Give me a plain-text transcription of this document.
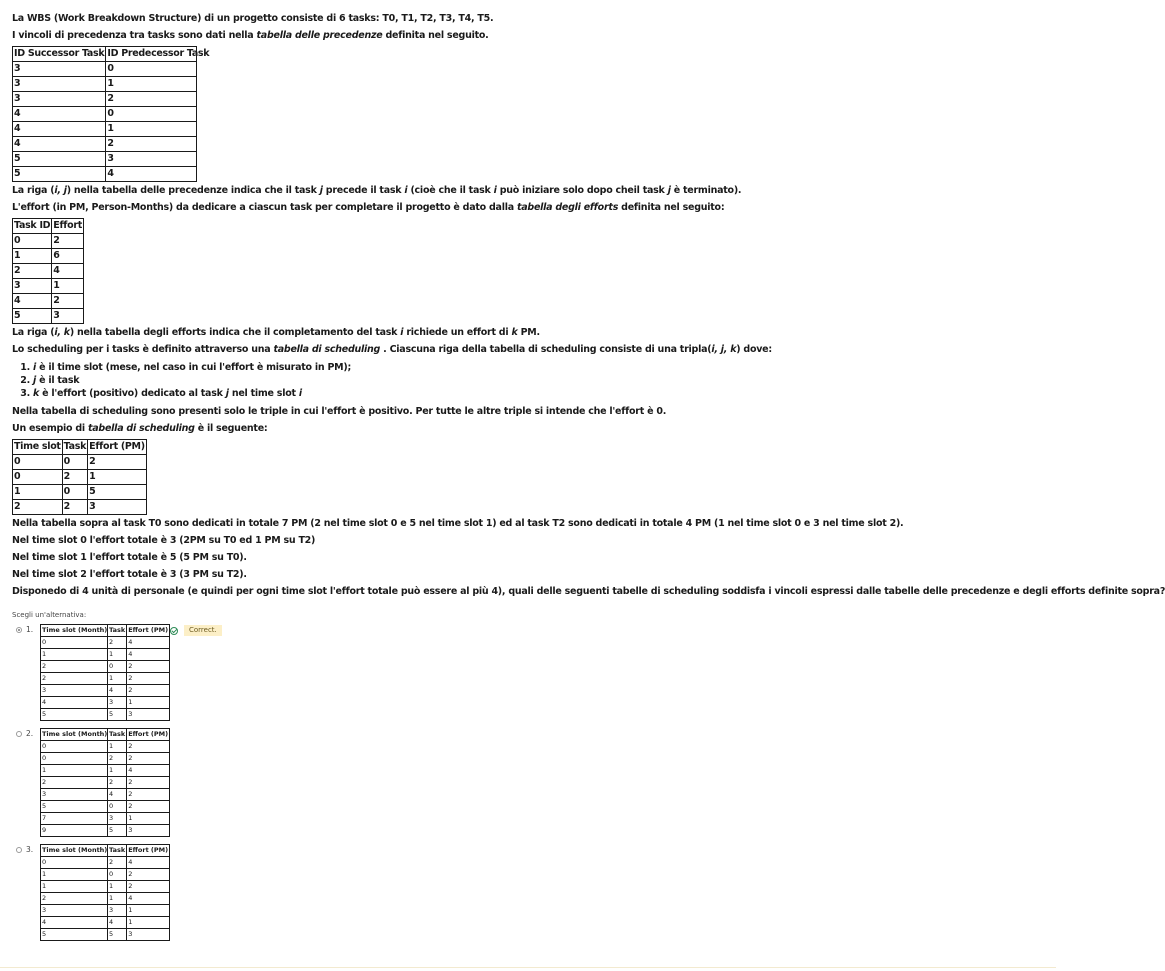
La WBS (Work Breakdown Structure) di un progetto consiste di 6 tasks: T0, T1, T2, T3, T4, T5.

I vincoli di precedenza tra tasks sono dati nella tabella delle precedenze definita nel seguito.

ID Successor Task	ID Predecessor Task
3	0
3	1
3	2
4	0
4	1
4	2
5	3
5	4

La riga (i, j) nella tabella delle precedenze indica che il task j precede il task i (cioè che il task i può iniziare solo dopo cheil task j è terminato).

L'effort (in PM, Person-Months) da dedicare a ciascun task per completare il progetto è dato dalla tabella degli efforts definita nel seguito:

Task ID	Effort
0	2
1	6
2	4
3	1
4	2
5	3

La riga (i, k) nella tabella degli efforts indica che il completamento del task i richiede un effort di k PM.

Lo scheduling per i tasks è definito attraverso una tabella di scheduling . Ciascuna riga della tabella di scheduling consiste di una tripla(i, j, k) dove:

1. i è il time slot (mese, nel caso in cui l'effort è misurato in PM);
2. j è il task
3. k è l'effort (positivo) dedicato al task j nel time slot i

Nella tabella di scheduling sono presenti solo le triple in cui l'effort è positivo. Per tutte le altre triple si intende che l'effort è 0.

Un esempio di tabella di scheduling è il seguente:

Time slot	Task	Effort (PM)
0	0	2
0	2	1
1	0	5
2	2	3

Nella tabella sopra al task T0 sono dedicati in totale 7 PM (2 nel time slot 0 e 5 nel time slot 1) ed al task T2 sono dedicati in totale 4 PM (1 nel time slot 0 e 3 nel time slot 2).

Nel time slot 0 l'effort totale è 3 (2PM su T0 ed 1 PM su T2)

Nel time slot 1 l'effort totale è 5 (5 PM su T0).

Nel time slot 2 l'effort totale è 3 (3 PM su T2).

Disponedo di 4 unità di personale (e quindi per ogni time slot l'effort totale può essere al più 4), quali delle seguenti tabelle di scheduling soddisfa i vincoli espressi dalle tabelle delle precedenze e degli efforts definite sopra?

Scegli un'alternativa:
1. Time slot (Month)	Task	Effort (PM)
0	2	4
1	1	4
2	0	2
2	1	2
3	4	2
4	3	1
5	5	3
Correct.
2. Time slot (Month)	Task	Effort (PM)
0	1	2
0	2	2
1	1	4
2	2	2
3	4	2
5	0	2
7	3	1
9	5	3
3. Time slot (Month)	Task	Effort (PM)
0	2	4
1	0	2
1	1	2
2	1	4
3	3	1
4	4	1
5	5	3
